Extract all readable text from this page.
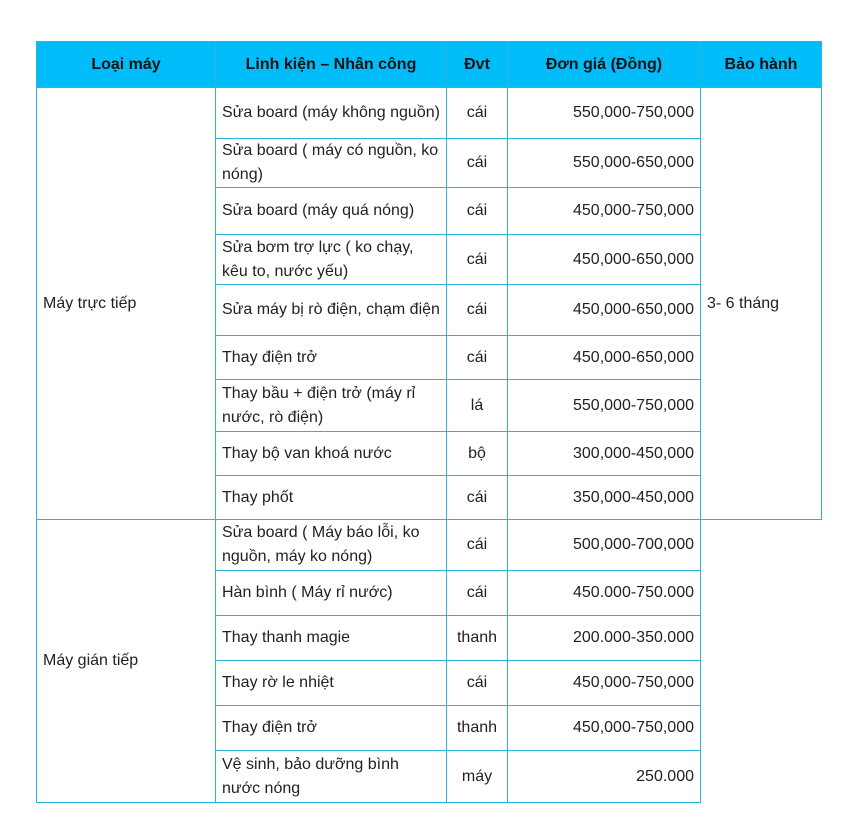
Loại máy	Linh kiện – Nhân công	Đvt	Đơn giá (Đồng)	Bảo hành
Máy trực tiếp	Sửa board (máy không nguồn)	cái	550,000-750,000	3- 6 tháng
	Sửa board ( máy có nguồn, ko nóng)	cái	550,000-650,000	
	Sửa board (máy quá nóng)	cái	450,000-750,000	
	Sửa bơm trợ lực ( ko chạy, kêu to, nước yếu)	cái	450,000-650,000	
	Sửa máy bị rò điện, chạm điện	cái	450,000-650,000	
	Thay điện trở	cái	450,000-650,000	
	Thay bầu + điện trở (máy rỉ nước, rò điện)	lá	550,000-750,000	
	Thay bộ van khoá nước	bộ	300,000-450,000	
	Thay phốt	cái	350,000-450,000	
Máy gián tiếp	Sửa board ( Máy báo lỗi, ko nguồn, máy ko nóng)	cái	500,000-700,000	
	Hàn bình ( Máy rỉ nước)	cái	450.000-750.000	
	Thay thanh magie	thanh	200.000-350.000	
	Thay rờ le nhiệt	cái	450,000-750,000	
	Thay điện trở	thanh	450,000-750,000	
	Vệ sinh, bảo dưỡng bình nước nóng	máy	250.000	
